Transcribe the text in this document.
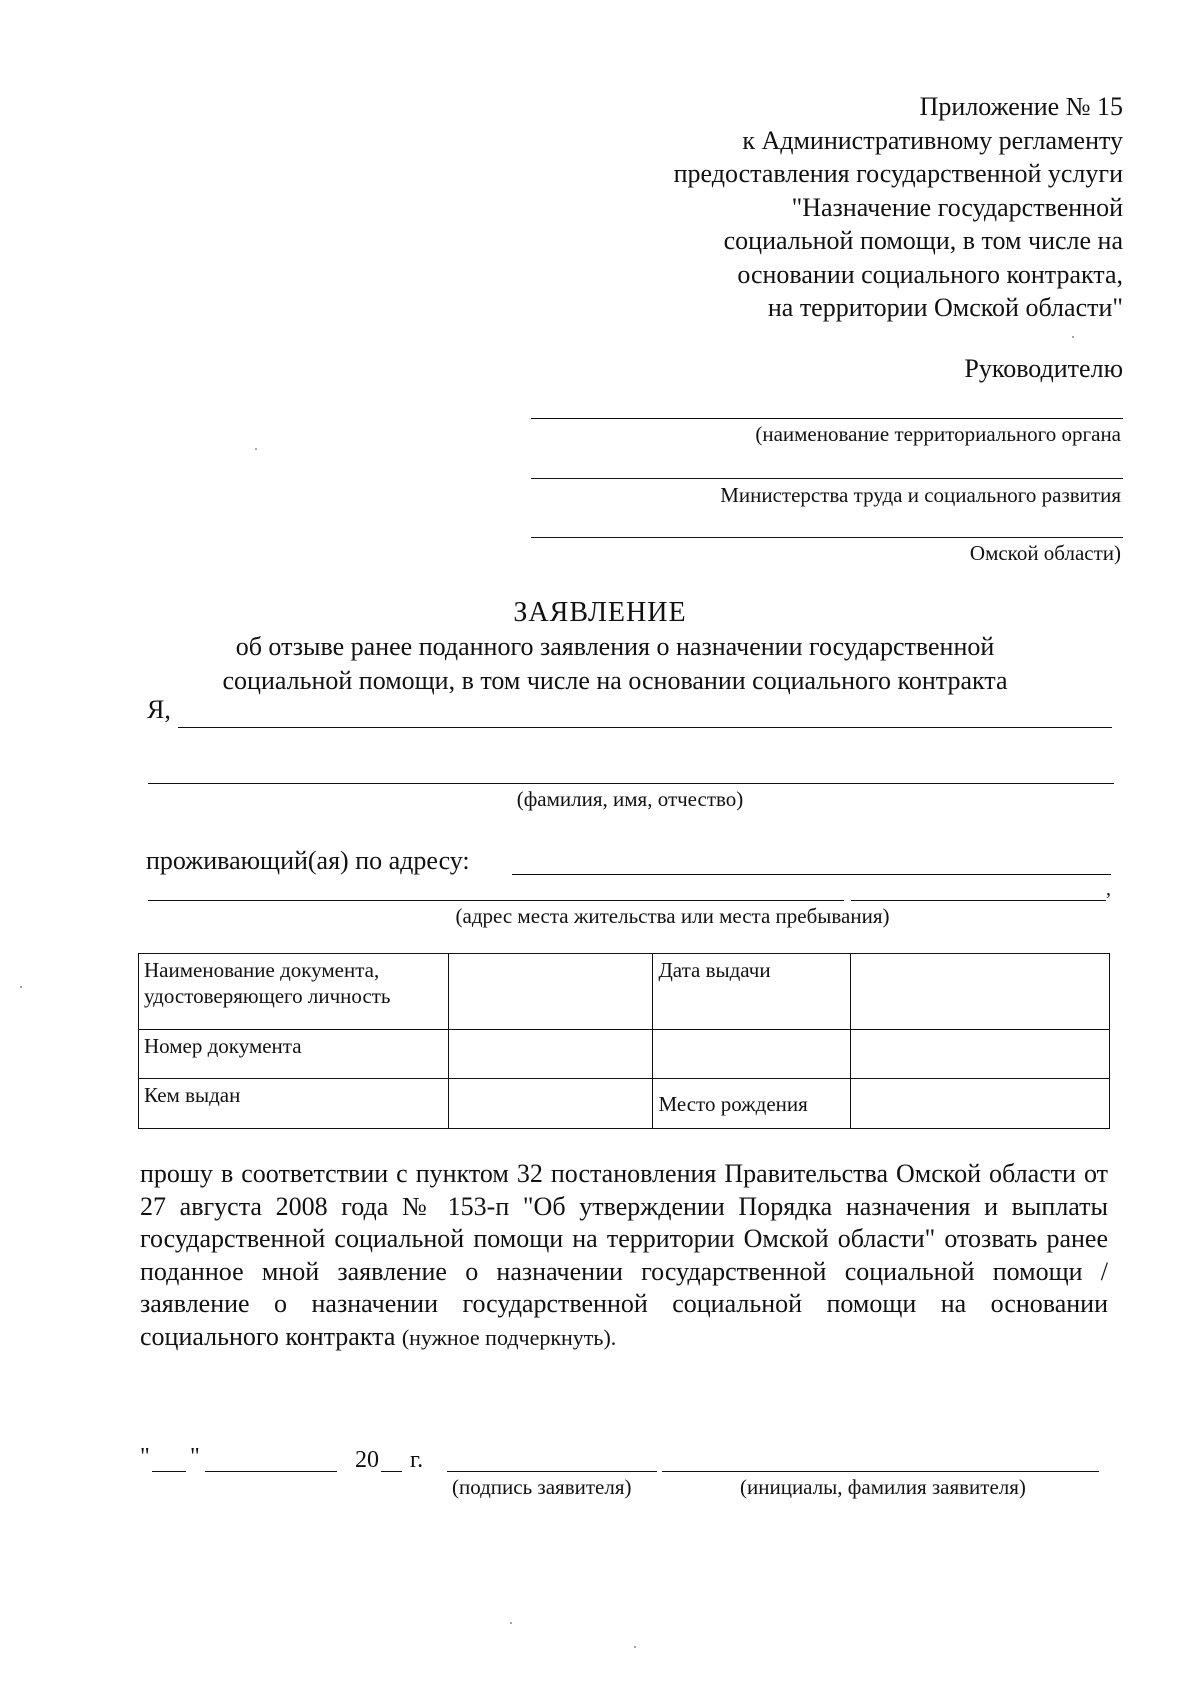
Приложение № 15
к Административному регламенту
предоставления государственной услуги
"Назначение государственной
социальной помощи, в том числе на
основании социального контракта,
на территории Омской области"
Руководителю
(наименование территориального органа
Министерства труда и социального развития
Омской области)
ЗАЯВЛЕНИЕ
об отзыве ранее поданного заявления о назначении государственной
социальной помощи, в том числе на основании социального контракта
Я,
(фамилия, имя, отчество)
проживающий(ая) по адресу:
,
(адрес места жительства или места пребывания)
Наименование документа, удостоверяющего личность		Дата выдачи	
Номер документа			
Кем выдан		Место рождения	
прошу в соответствии с пунктом 32 постановления Правительства Омской области от 27 августа 2008 года № 153-п "Об утверждении Порядка назначения и выплаты государственной социальной помощи на территории Омской области" отозвать ранее поданное мной заявление о назначении государственной социальной помощи / заявление о назначении государственной социальной помощи на основании социального контракта (нужное подчеркнуть).
" "	20 г.
(подпись заявителя)	(инициалы, фамилия заявителя)
